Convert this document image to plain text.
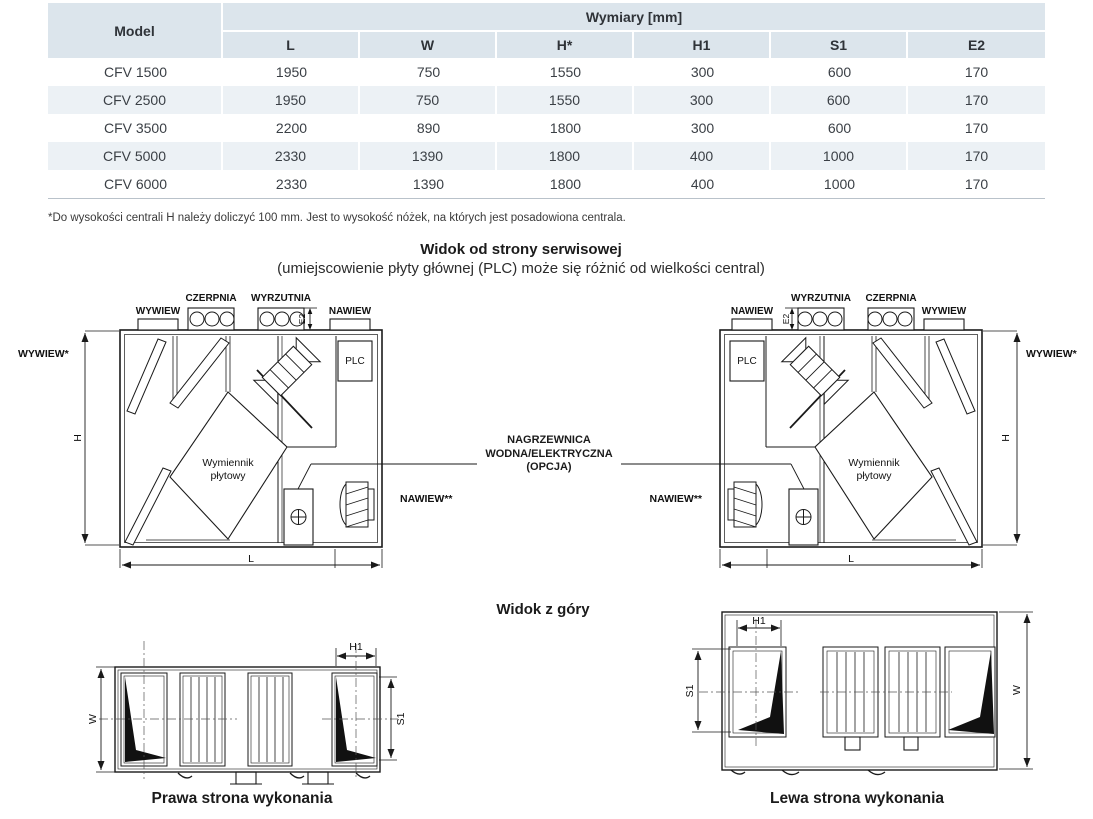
Model
Wymiary [mm]
L	W	H*	H1	S1	E2
CFV 1500	1950	750	1550	300	600	170
CFV 2500	1950	750	1550	300	600	170
CFV 3500	2200	890	1800	300	600	170
CFV 5000	2330	1390	1800	400	1000	170
CFV 6000	2330	1390	1800	400	1000	170
*Do wysokości centrali H należy doliczyć 100 mm. Jest to wysokość nóżek, na których jest posadowiona centrala.
Widok od strony serwisowej
(umiejscowienie płyty głównej (PLC) może się różnić od wielkości central)
NAGRZEWNICA
WODNA/ELEKTRYCZNA
(OPCJA)
Widok z góry
Prawa strona wykonania	Lewa strona wykonania
WYWIEW
CZERPNIA WYRZUTNIA
NAWIEW
E2
WYWIEW*
H
L
NAWIEW**
PLC
Wymiennik
płytowy
NAWIEW
WYRZUTNIA CZERPNIA
WYWIEW
E2
WYWIEW*
H
L
NAWIEW**
PLC
Wymiennik
płytowy
W
H1
S1
H1
S1	W
